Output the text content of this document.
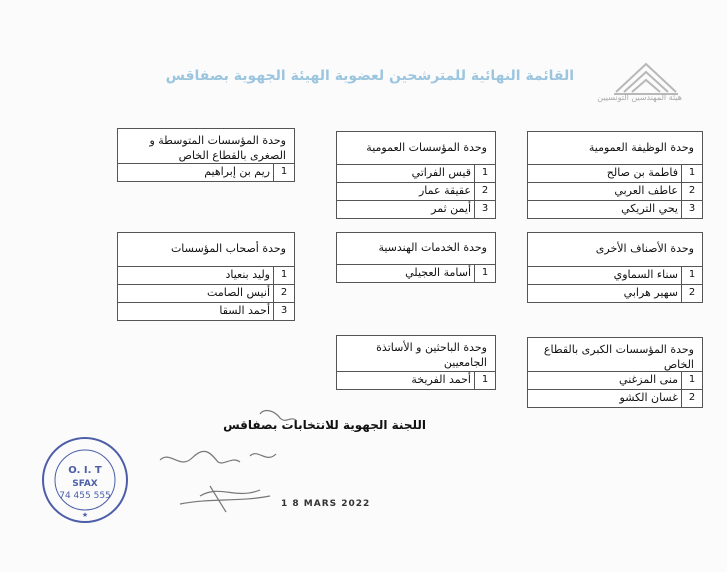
القائمة النهائية للمترشحين لعضوية الهيئة الجهوية بصفاقس
هيئة المهندسين التونسيين
وحدة الوظيفة العمومية
1
فاطمة بن صالح
2
عاطف العربي
3
يحي التريكي
وحدة المؤسسات العمومية
1
قيس الفراتي
2
عقيقة عمار
3
أيمن ثمر
وحدة المؤسسات المتوسطة و الصغرى بالقطاع الخاص
1
ريم بن إبراهيم
وحدة الأصناف الأخرى
1
سناء السماوي
2
سهير هرابي
وحدة الخدمات الهندسية
1
أسامة العجيلي
وحدة أصحاب المؤسسات
1
وليد بنعياد
2
أنيس الصامت
3
أحمد السقا
وحدة المؤسسات الكبرى بالقطاع الخاص
1
منى المزغني
2
غسان الكشو
وحدة الباحثين و الأساتذة الجامعيين
1
أحمد الفريخة
اللجنة الجهوية للانتخابات بصفاقس
1 8 MARS 2022
O. I. T
SFAX
74 455 555
★
